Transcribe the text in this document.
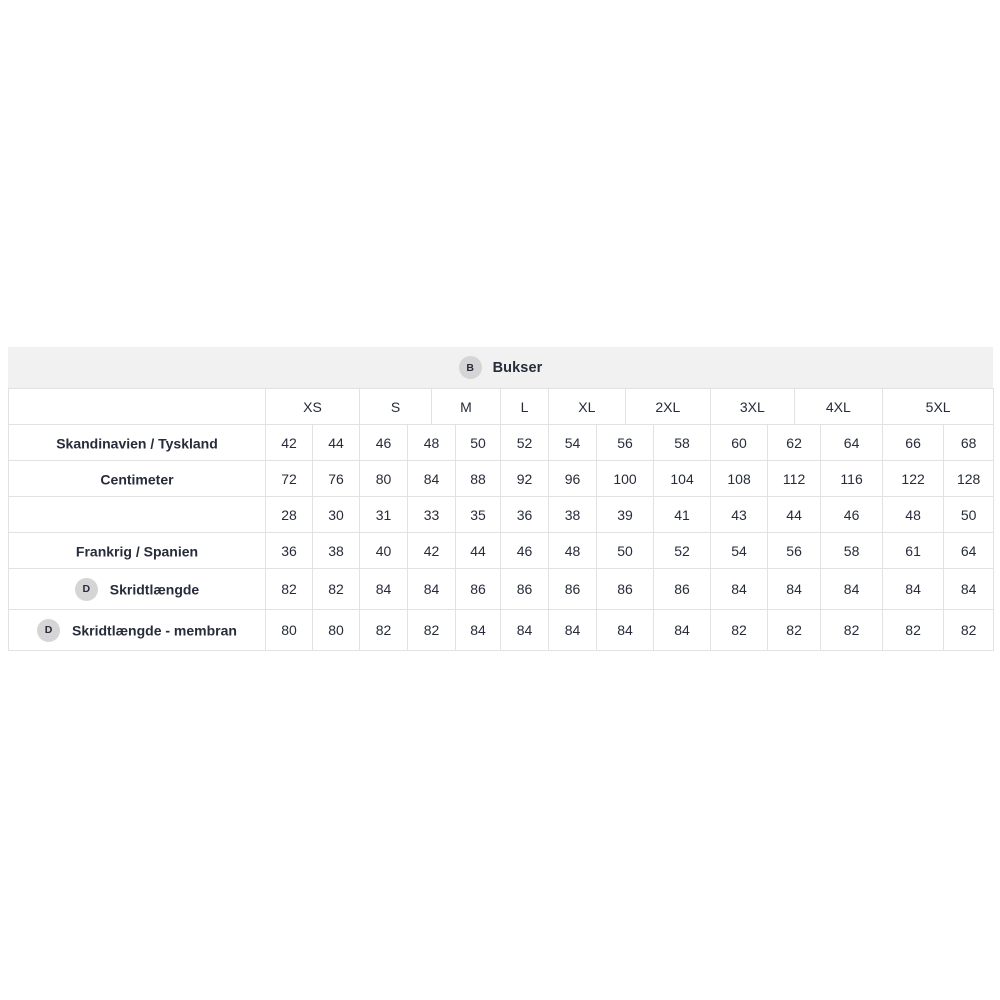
B	Bukser
	XS		S		M		L	XL		2XL		3XL		4XL		5XL	
Skandinavien / Tyskland	42	44	46	48		50	52	54	56		58	60	62		64	66	68
Centimeter	72	76	80	84		88	92	96	100		104	108	112		116	122	128
	28	30	31	33		35	36	38	39		41	43	44		46	48	50
Frankrig / Spanien	36	38	40	42		44	46	48	50		52	54	56		58	61	64
D Skridtlængde	82	82	84	84		86	86	86	86		86	84	84		84	84	84
D Skridtlængde - membran	80	80	82	82		84	84	84	84		84	82	82		82	82	82
